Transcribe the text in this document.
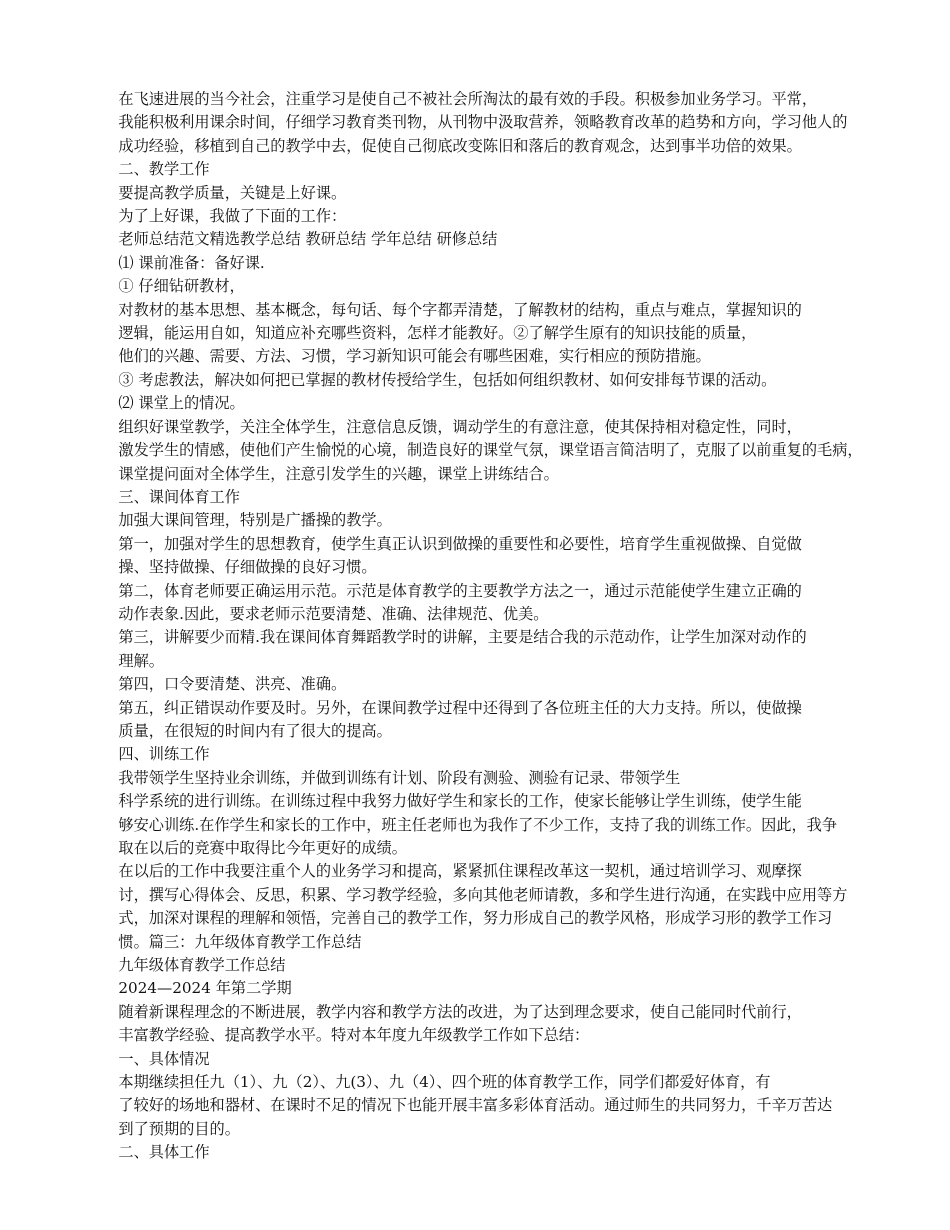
在飞速进展的当今社会，注重学习是使自己不被社会所淘汰的最有效的手段。积极参加业务学习。平常，
我能积极利用课余时间，仔细学习教育类刊物，从刊物中汲取营养，领略教育改革的趋势和方向，学习他人的
成功经验，移植到自己的教学中去，促使自己彻底改变陈旧和落后的教育观念，达到事半功倍的效果。

二、教学工作

要提高教学质量，关键是上好课。

为了上好课，我做了下面的工作：

老师总结范文精选教学总结 教研总结 学年总结 研修总结

⑴ 课前准备：备好课.

① 仔细钻研教材，

对教材的基本思想、基本概念，每句话、每个字都弄清楚，了解教材的结构，重点与难点，掌握知识的
逻辑，能运用自如，知道应补充哪些资料，怎样才能教好。②了解学生原有的知识技能的质量，

他们的兴趣、需要、方法、习惯，学习新知识可能会有哪些困难，实行相应的预防措施。

③ 考虑教法，解决如何把已掌握的教材传授给学生，包括如何组织教材、如何安排每节课的活动。

⑵ 课堂上的情况。

组织好课堂教学，关注全体学生，注意信息反馈，调动学生的有意注意，使其保持相对稳定性，同时，
激发学生的情感，使他们产生愉悦的心境，制造良好的课堂气氛，课堂语言简洁明了，克服了以前重复的毛病，
课堂提问面对全体学生，注意引发学生的兴趣，课堂上讲练结合。

三、课间体育工作

加强大课间管理，特别是广播操的教学。

第一，加强对学生的思想教育，使学生真正认识到做操的重要性和必要性，培育学生重视做操、自觉做
操、坚持做操、仔细做操的良好习惯。

第二，体育老师要正确运用示范。示范是体育教学的主要教学方法之一，通过示范能使学生建立正确的
动作表象.因此，要求老师示范要清楚、准确、法律规范、优美。

第三，讲解要少而精.我在课间体育舞蹈教学时的讲解，主要是结合我的示范动作，让学生加深对动作的
理解。

第四，口令要清楚、洪亮、准确。

第五，纠正错误动作要及时。另外，在课间教学过程中还得到了各位班主任的大力支持。所以，使做操
质量，在很短的时间内有了很大的提高。

四、训练工作

我带领学生坚持业余训练，并做到训练有计划、阶段有测验、测验有记录、带领学生

科学系统的进行训练。在训练过程中我努力做好学生和家长的工作，使家长能够让学生训练，使学生能
够安心训练.在作学生和家长的工作中，班主任老师也为我作了不少工作，支持了我的训练工作。因此，我争
取在以后的竞赛中取得比今年更好的成绩。

在以后的工作中我要注重个人的业务学习和提高，紧紧抓住课程改革这一契机，通过培训学习、观摩探
讨，撰写心得体会、反思，积累、学习教学经验，多向其他老师请教，多和学生进行沟通，在实践中应用等方
式，加深对课程的理解和领悟，完善自己的教学工作，努力形成自己的教学风格，形成学习形的教学工作习
惯。篇三：九年级体育教学工作总结

九年级体育教学工作总结

2024—2024 年第二学期

随着新课程理念的不断进展，教学内容和教学方法的改进，为了达到理念要求，使自己能同时代前行，
丰富教学经验、提高教学水平。特对本年度九年级教学工作如下总结：

一、具体情况

本期继续担任九（1）、九（2）、九(3）、九（4）、四个班的体育教学工作，同学们都爱好体育，有
了较好的场地和器材、在课时不足的情况下也能开展丰富多彩体育活动。通过师生的共同努力，千辛万苦达
到了预期的目的。

二、具体工作
